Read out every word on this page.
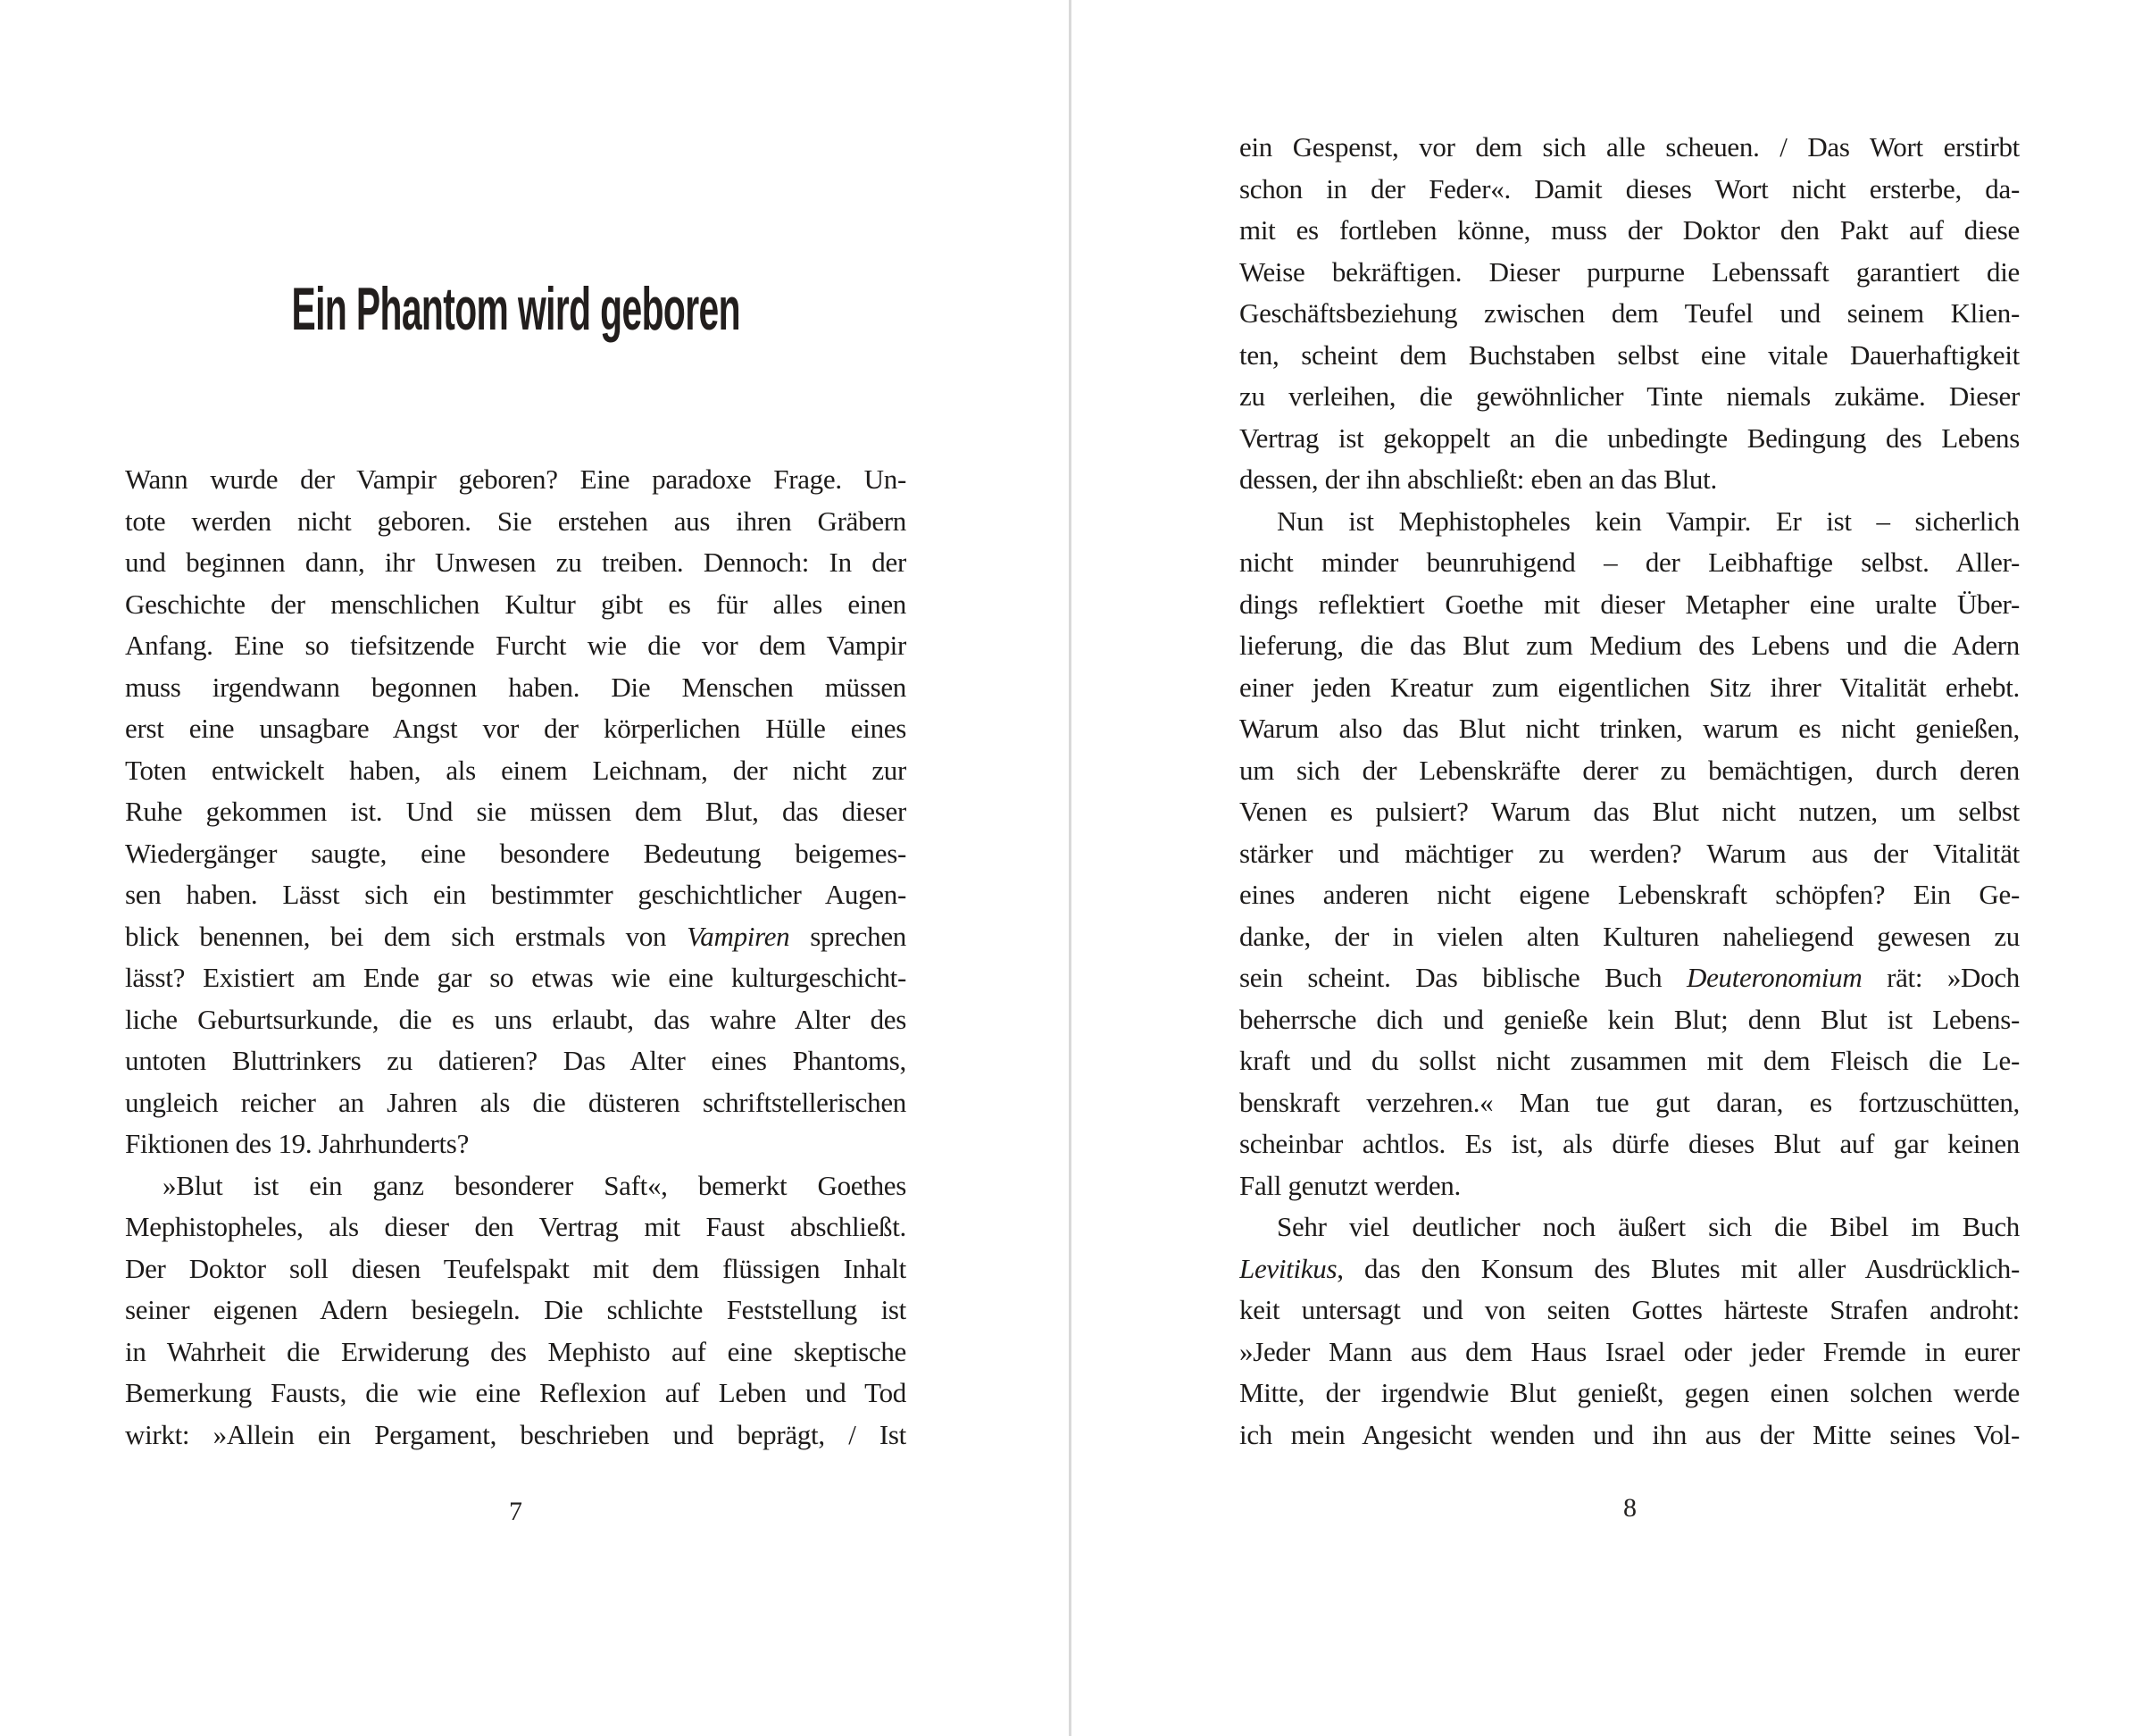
Ein Phantom wird geboren
Wann wurde der Vampir geboren? Eine paradoxe Frage. Un-
tote werden nicht geboren. Sie erstehen aus ihren Gräbern
und beginnen dann, ihr Unwesen zu treiben. Dennoch: In der
Geschichte der menschlichen Kultur gibt es für alles einen
Anfang. Eine so tiefsitzende Furcht wie die vor dem Vampir
muss irgendwann begonnen haben. Die Menschen müssen
erst eine unsagbare Angst vor der körperlichen Hülle eines
Toten entwickelt haben, als einem Leichnam, der nicht zur
Ruhe gekommen ist. Und sie müssen dem Blut, das dieser
Wiedergänger saugte, eine besondere Bedeutung beigemes-
sen haben. Lässt sich ein bestimmter geschichtlicher Augen-
blick benennen, bei dem sich erstmals von Vampiren sprechen
lässt? Existiert am Ende gar so etwas wie eine kulturgeschicht-
liche Geburtsurkunde, die es uns erlaubt, das wahre Alter des
untoten Bluttrinkers zu datieren? Das Alter eines Phantoms,
ungleich reicher an Jahren als die düsteren schriftstellerischen
Fiktionen des 19. Jahrhunderts?
»Blut ist ein ganz besonderer Saft«, bemerkt Goethes
Mephistopheles, als dieser den Vertrag mit Faust abschließt.
Der Doktor soll diesen Teufelspakt mit dem flüssigen Inhalt
seiner eigenen Adern besiegeln. Die schlichte Feststellung ist
in Wahrheit die Erwiderung des Mephisto auf eine skeptische
Bemerkung Fausts, die wie eine Reflexion auf Leben und Tod
wirkt: »Allein ein Pergament, beschrieben und beprägt, / Ist
7
ein Gespenst, vor dem sich alle scheuen. / Das Wort erstirbt
schon in der Feder«. Damit dieses Wort nicht ersterbe, da-
mit es fortleben könne, muss der Doktor den Pakt auf diese
Weise bekräftigen. Dieser purpurne Lebenssaft garantiert die
Geschäftsbeziehung zwischen dem Teufel und seinem Klien-
ten, scheint dem Buchstaben selbst eine vitale Dauerhaftigkeit
zu verleihen, die gewöhnlicher Tinte niemals zukäme. Dieser
Vertrag ist gekoppelt an die unbedingte Bedingung des Lebens
dessen, der ihn abschließt: eben an das Blut.
Nun ist Mephistopheles kein Vampir. Er ist – sicherlich
nicht minder beunruhigend – der Leibhaftige selbst. Aller-
dings reflektiert Goethe mit dieser Metapher eine uralte Über-
lieferung, die das Blut zum Medium des Lebens und die Adern
einer jeden Kreatur zum eigentlichen Sitz ihrer Vitalität erhebt.
Warum also das Blut nicht trinken, warum es nicht genießen,
um sich der Lebenskräfte derer zu bemächtigen, durch deren
Venen es pulsiert? Warum das Blut nicht nutzen, um selbst
stärker und mächtiger zu werden? Warum aus der Vitalität
eines anderen nicht eigene Lebenskraft schöpfen? Ein Ge-
danke, der in vielen alten Kulturen naheliegend gewesen zu
sein scheint. Das biblische Buch Deuteronomium rät: »Doch
beherrsche dich und genieße kein Blut; denn Blut ist Lebens-
kraft und du sollst nicht zusammen mit dem Fleisch die Le-
benskraft verzehren.« Man tue gut daran, es fortzuschütten,
scheinbar achtlos. Es ist, als dürfe dieses Blut auf gar keinen
Fall genutzt werden.
Sehr viel deutlicher noch äußert sich die Bibel im Buch
Levitikus, das den Konsum des Blutes mit aller Ausdrücklich-
keit untersagt und von seiten Gottes härteste Strafen androht:
»Jeder Mann aus dem Haus Israel oder jeder Fremde in eurer
Mitte, der irgendwie Blut genießt, gegen einen solchen werde
ich mein Angesicht wenden und ihn aus der Mitte seines Vol-
8
